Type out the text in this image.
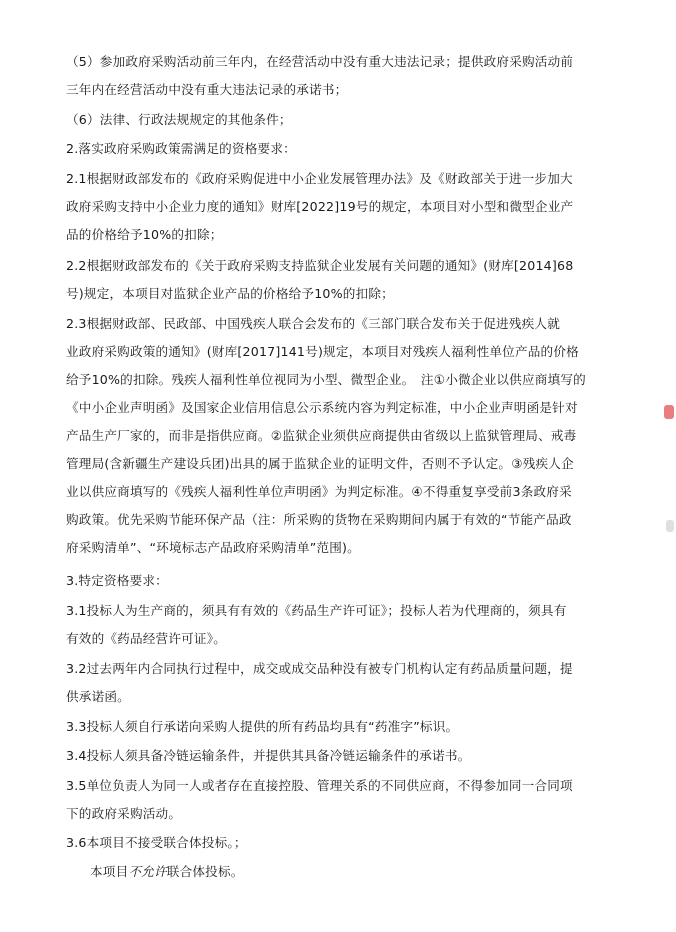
（5）参加政府采购活动前三年内，在经营活动中没有重大违法记录；提供政府采购活动前
三年内在经营活动中没有重大违法记录的承诺书；
（6）法律、行政法规规定的其他条件；
2.落实政府采购政策需满足的资格要求：
2.1根据财政部发布的《政府采购促进中小企业发展管理办法》及《财政部关于进一步加大
政府采购支持中小企业力度的通知》财库[2022]19号的规定，本项目对小型和微型企业产
品的价格给予10%的扣除；
2.2根据财政部发布的《关于政府采购支持监狱企业发展有关问题的通知》(财库[2014]68
号)规定，本项目对监狱企业产品的价格给予10%的扣除；
2.3根据财政部、民政部、中国残疾人联合会发布的《三部门联合发布关于促进残疾人就
业政府采购政策的通知》(财库[2017]141号)规定，本项目对残疾人福利性单位产品的价格
给予10%的扣除。残疾人福利性单位视同为小型、微型企业。　注①小微企业以供应商填写的
《中小企业声明函》及国家企业信用信息公示系统内容为判定标准，中小企业声明函是针对
产品生产厂家的，而非是指供应商。②监狱企业须供应商提供由省级以上监狱管理局、戒毒
管理局(含新疆生产建设兵团)出具的属于监狱企业的证明文件，否则不予认定。③残疾人企
业以供应商填写的《残疾人福利性单位声明函》为判定标准。④不得重复享受前3条政府采
购政策。优先采购节能环保产品（注：所采购的货物在采购期间内属于有效的“节能产品政
府采购清单”、“环境标志产品政府采购清单”范围)。
3.特定资格要求：
3.1投标人为生产商的，须具有有效的《药品生产许可证》；投标人若为代理商的，须具有
有效的《药品经营许可证》。
3.2过去两年内合同执行过程中，成交或成交品种没有被专门机构认定有药品质量问题，提
供承诺函。
3.3投标人须自行承诺向采购人提供的所有药品均具有“药准字”标识。
3.4投标人须具备冷链运输条件，并提供其具备冷链运输条件的承诺书。
3.5单位负责人为同一人或者存在直接控股、管理关系的不同供应商，不得参加同一合同项
下的政府采购活动。
3.6本项目不接受联合体投标。；
本项目不允许联合体投标。
